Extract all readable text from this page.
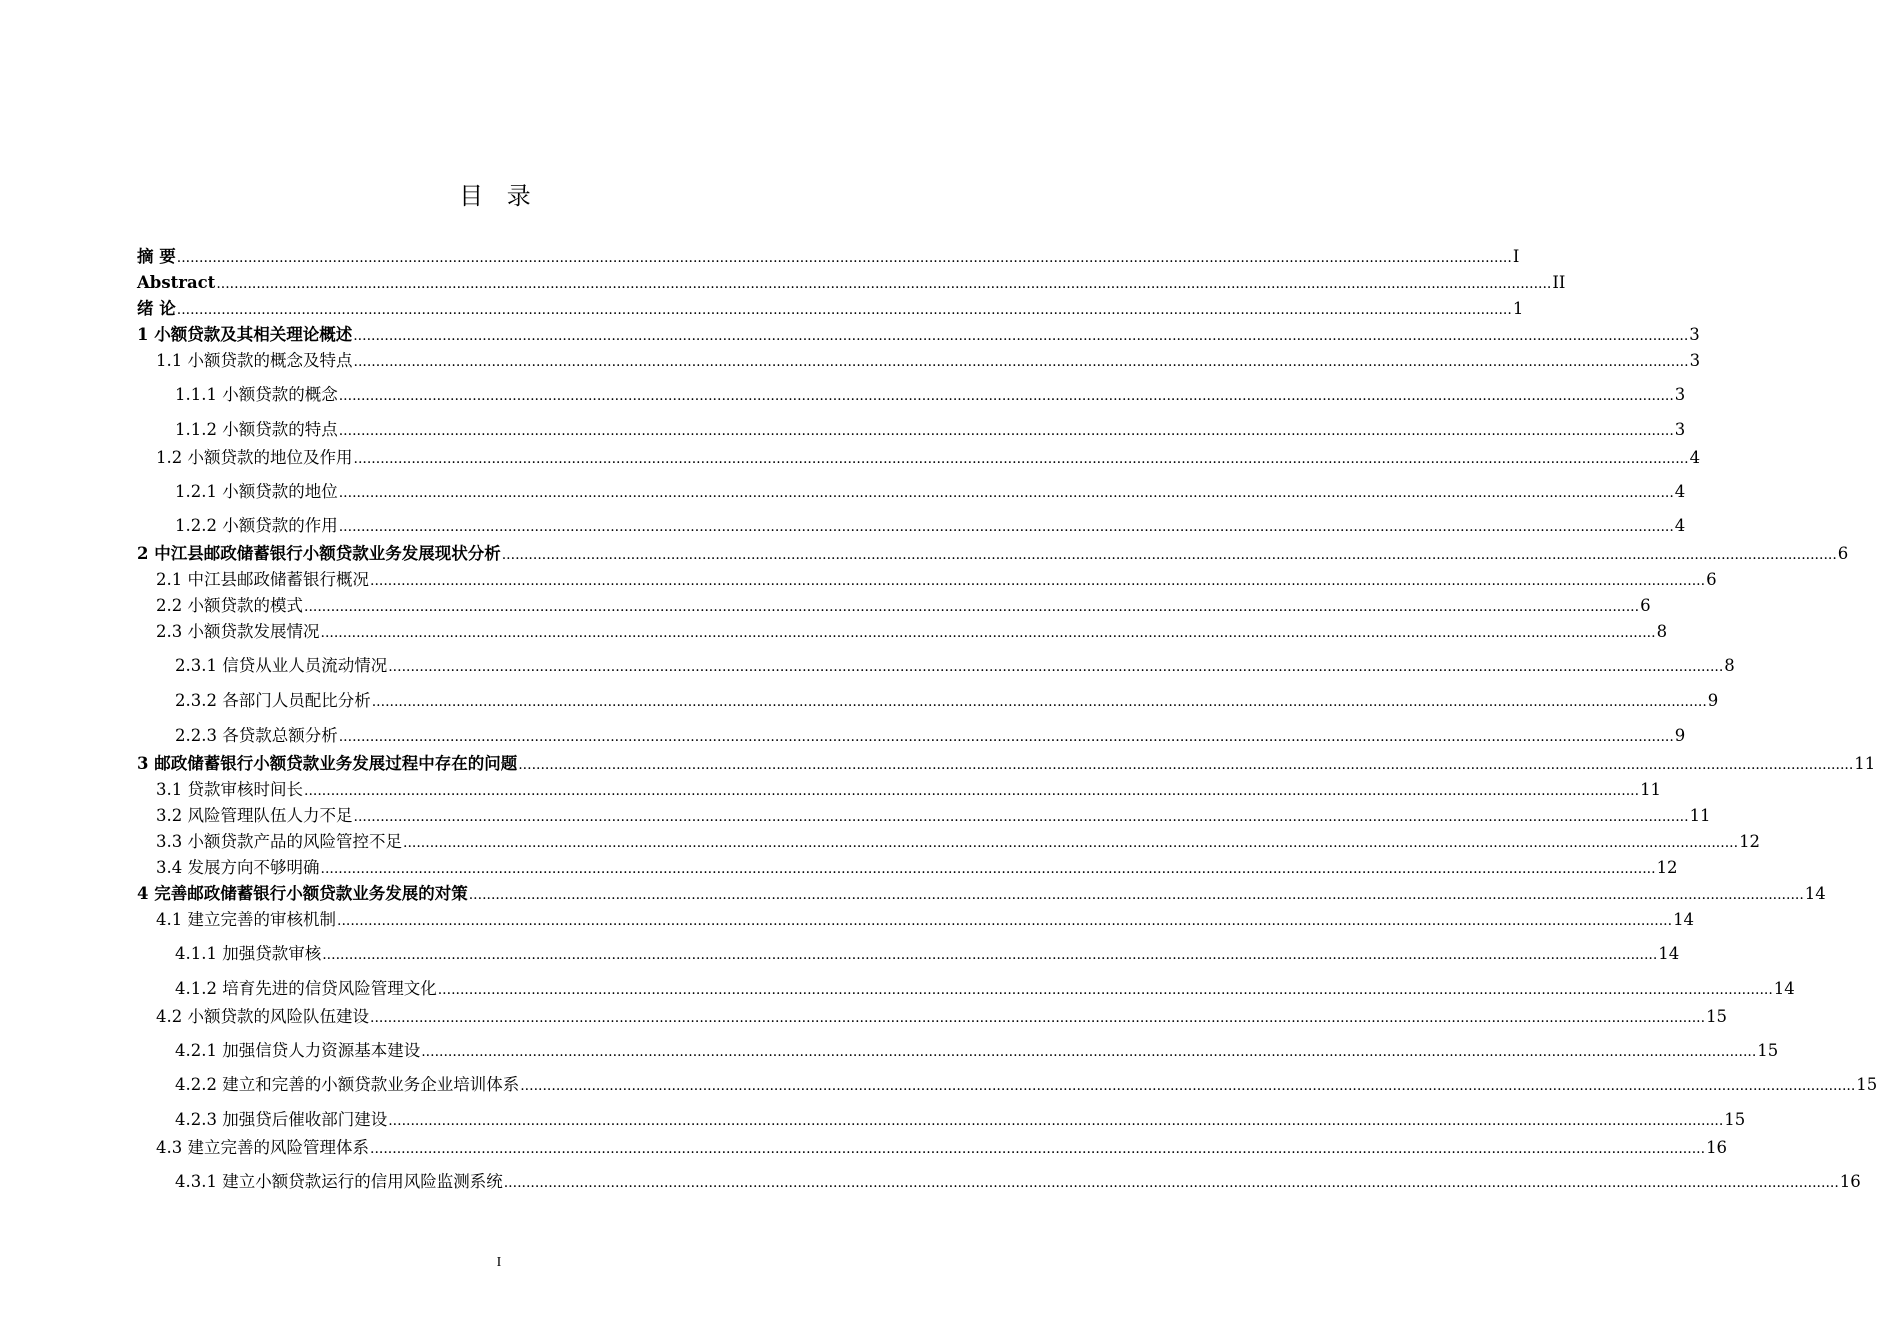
目 录
摘 要 ............................................................................................................................................................................................................................................................................................................ I
Abstract ............................................................................................................................................................................................................................................................................................................ II
绪 论 ............................................................................................................................................................................................................................................................................................................ 1
1 小额贷款及其相关理论概述 ............................................................................................................................................................................................................................................................................................................ 3
1.1 小额贷款的概念及特点 ............................................................................................................................................................................................................................................................................................................ 3
1.1.1 小额贷款的概念 ............................................................................................................................................................................................................................................................................................................ 3
1.1.2 小额贷款的特点 ............................................................................................................................................................................................................................................................................................................ 3
1.2 小额贷款的地位及作用 ............................................................................................................................................................................................................................................................................................................ 4
1.2.1 小额贷款的地位 ............................................................................................................................................................................................................................................................................................................ 4
1.2.2 小额贷款的作用 ............................................................................................................................................................................................................................................................................................................ 4
2 中江县邮政储蓄银行小额贷款业务发展现状分析 ............................................................................................................................................................................................................................................................................................................ 6
2.1 中江县邮政储蓄银行概况 ............................................................................................................................................................................................................................................................................................................ 6
2.2 小额贷款的模式 ............................................................................................................................................................................................................................................................................................................ 6
2.3 小额贷款发展情况 ............................................................................................................................................................................................................................................................................................................ 8
2.3.1 信贷从业人员流动情况 ............................................................................................................................................................................................................................................................................................................ 8
2.3.2 各部门人员配比分析 ............................................................................................................................................................................................................................................................................................................ 9
2.2.3 各贷款总额分析 ............................................................................................................................................................................................................................................................................................................ 9
3 邮政储蓄银行小额贷款业务发展过程中存在的问题 ............................................................................................................................................................................................................................................................................................................ 11
3.1 贷款审核时间长 ............................................................................................................................................................................................................................................................................................................ 11
3.2 风险管理队伍人力不足 ............................................................................................................................................................................................................................................................................................................ 11
3.3 小额贷款产品的风险管控不足 ............................................................................................................................................................................................................................................................................................................ 12
3.4 发展方向不够明确 ............................................................................................................................................................................................................................................................................................................ 12
4 完善邮政储蓄银行小额贷款业务发展的对策 ............................................................................................................................................................................................................................................................................................................ 14
4.1 建立完善的审核机制 ............................................................................................................................................................................................................................................................................................................ 14
4.1.1 加强贷款审核 ............................................................................................................................................................................................................................................................................................................ 14
4.1.2 培育先进的信贷风险管理文化 ............................................................................................................................................................................................................................................................................................................ 14
4.2 小额贷款的风险队伍建设 ............................................................................................................................................................................................................................................................................................................ 15
4.2.1 加强信贷人力资源基本建设 ............................................................................................................................................................................................................................................................................................................ 15
4.2.2 建立和完善的小额贷款业务企业培训体系 ............................................................................................................................................................................................................................................................................................................ 15
4.2.3 加强贷后催收部门建设 ............................................................................................................................................................................................................................................................................................................ 15
4.3 建立完善的风险管理体系 ............................................................................................................................................................................................................................................................................................................ 16
4.3.1 建立小额贷款运行的信用风险监测系统 ............................................................................................................................................................................................................................................................................................................ 16
I
